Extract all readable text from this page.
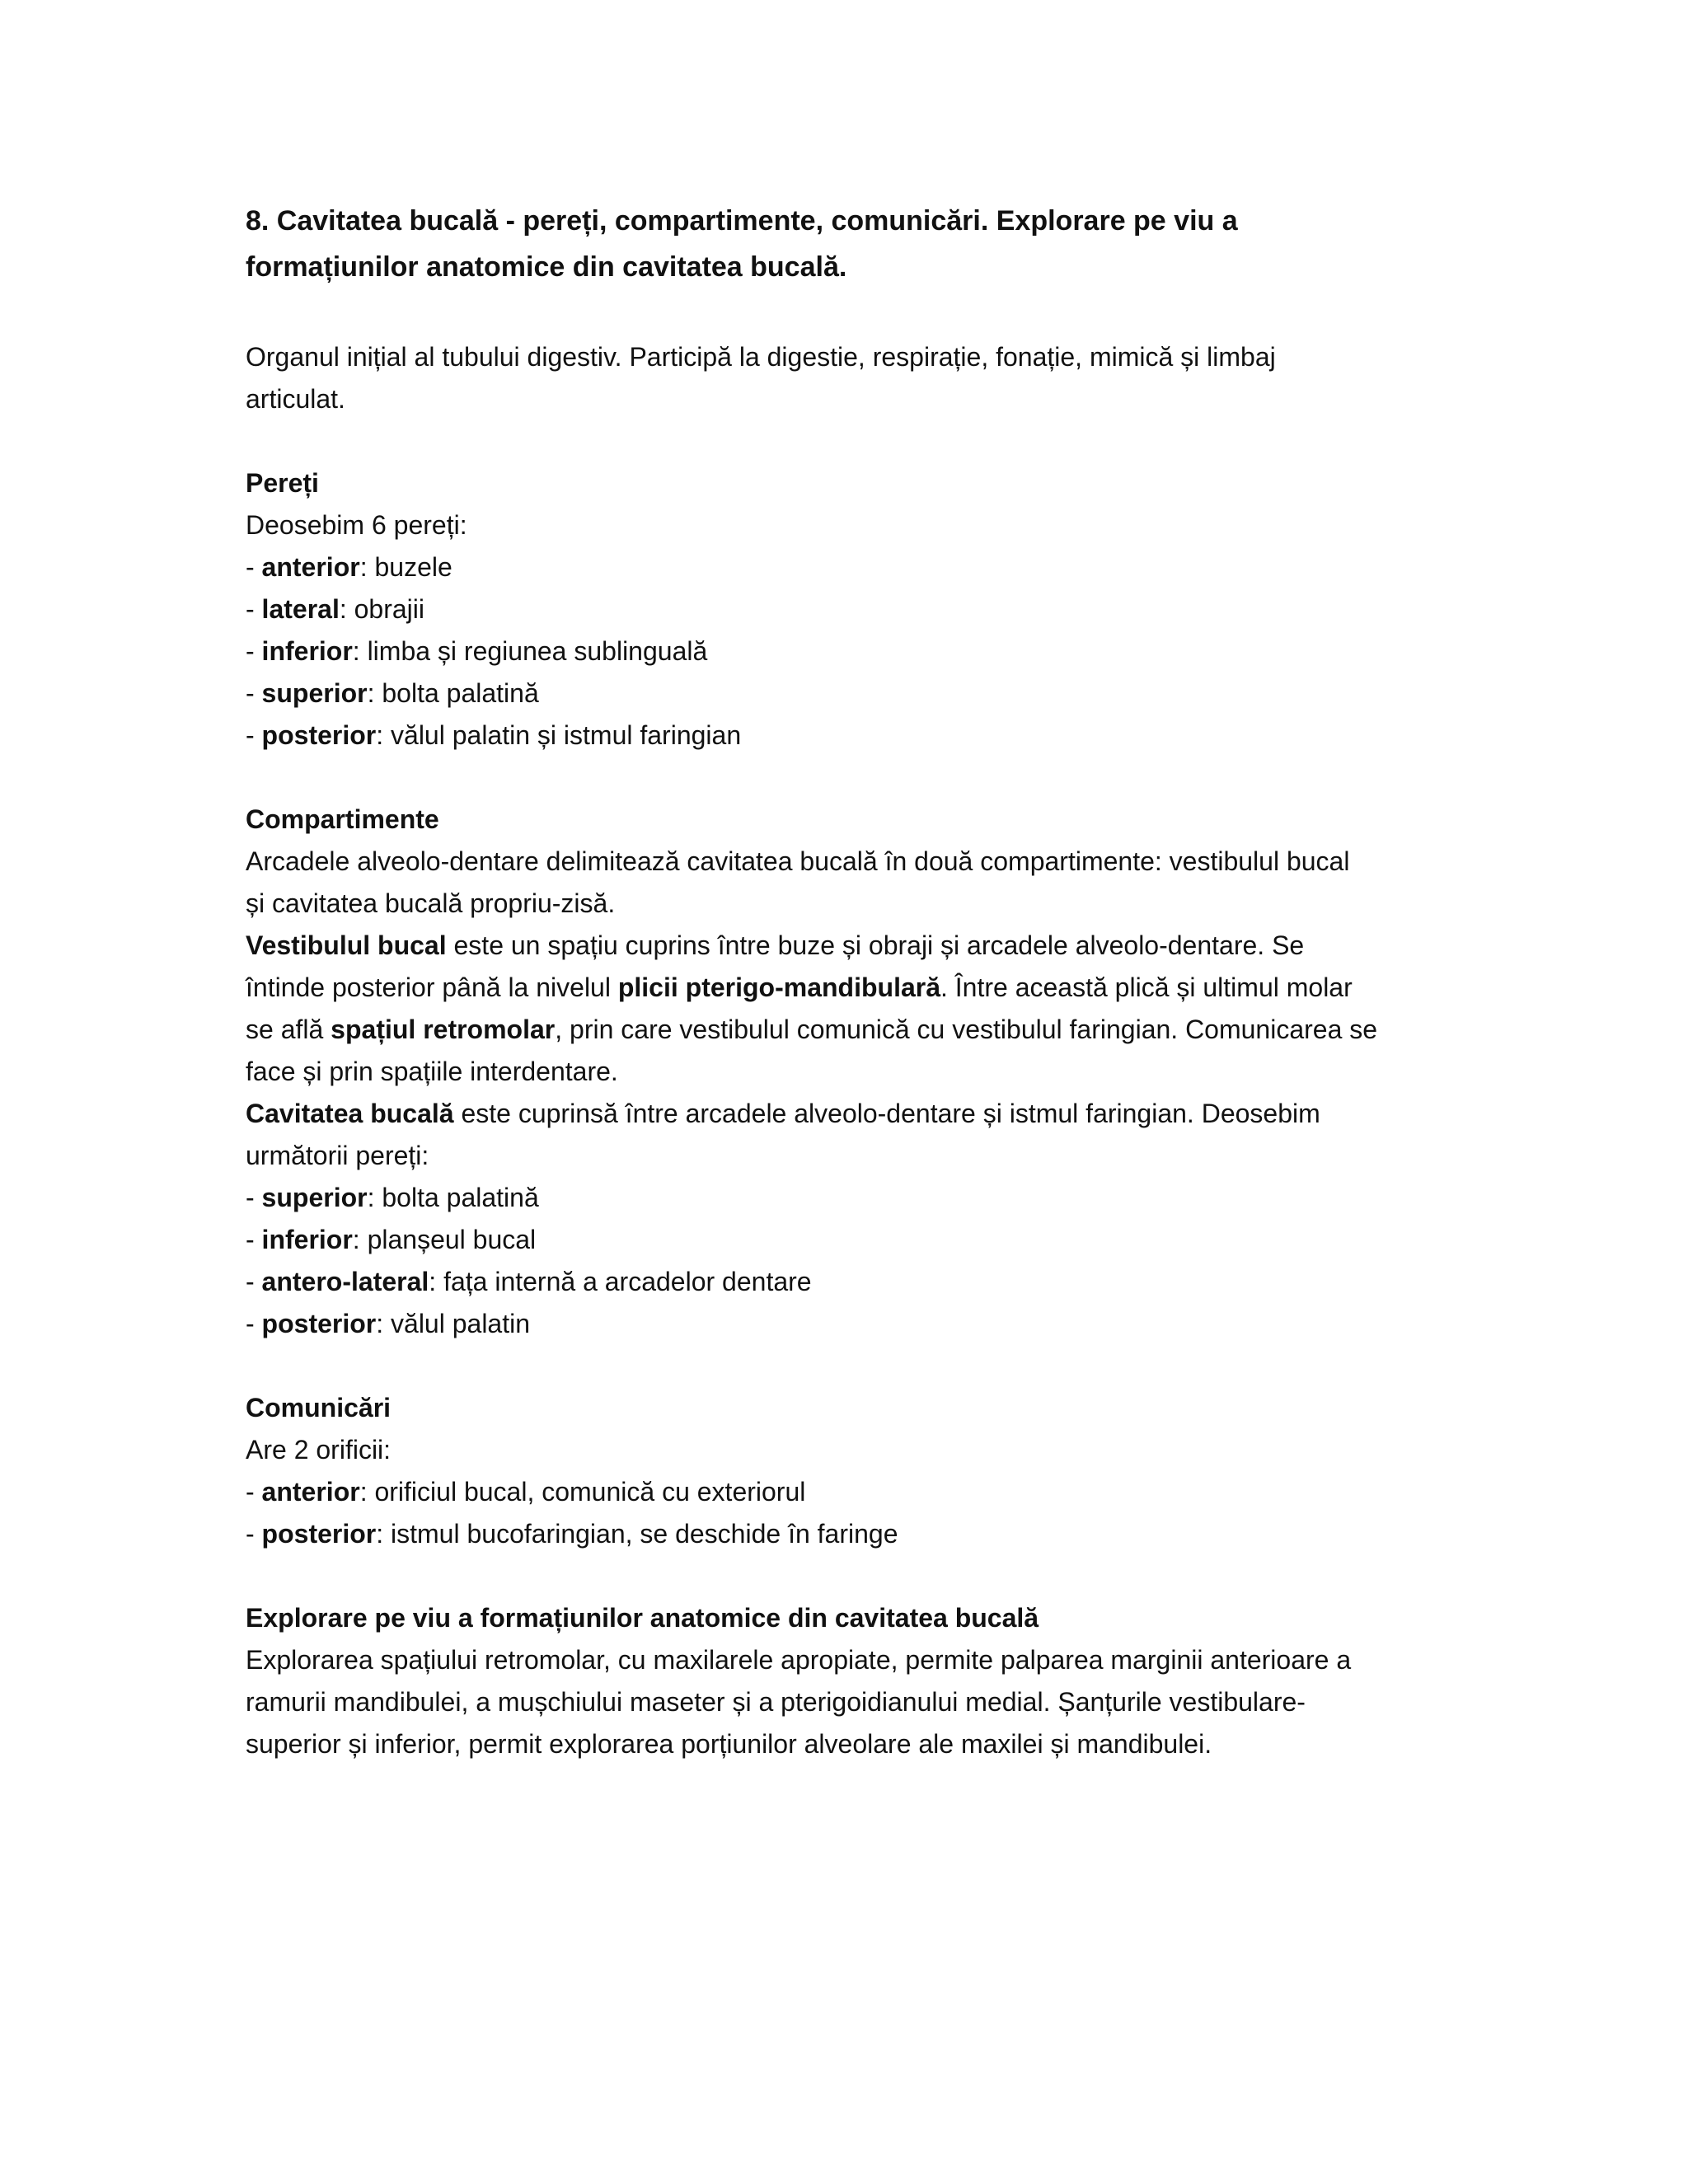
8. Cavitatea bucală - pereți, compartimente, comunicări. Explorare pe viu a

formațiunilor anatomice din cavitatea bucală.

Organul inițial al tubului digestiv. Participă la digestie, respirație, fonație, mimică și limbaj

articulat.

Pereți

Deosebim 6 pereți:

- anterior: buzele

- lateral: obrajii

- inferior: limba și regiunea sublinguală

- superior: bolta palatină

- posterior: vălul palatin și istmul faringian

Compartimente

Arcadele alveolo-dentare delimitează cavitatea bucală în două compartimente: vestibulul bucal

și cavitatea bucală propriu-zisă.

Vestibulul bucal este un spațiu cuprins între buze și obraji și arcadele alveolo-dentare. Se

întinde posterior până la nivelul plicii pterigo-mandibulară. Între această plică și ultimul molar

se află spațiul retromolar, prin care vestibulul comunică cu vestibulul faringian. Comunicarea se

face și prin spațiile interdentare.

Cavitatea bucală este cuprinsă între arcadele alveolo-dentare și istmul faringian. Deosebim

următorii pereți:

- superior: bolta palatină

- inferior: planșeul bucal

- antero-lateral: fața internă a arcadelor dentare

- posterior: vălul palatin

Comunicări

Are 2 orificii:

- anterior: orificiul bucal, comunică cu exteriorul

- posterior: istmul bucofaringian, se deschide în faringe

Explorare pe viu a formațiunilor anatomice din cavitatea bucală

Explorarea spațiului retromolar, cu maxilarele apropiate, permite palparea marginii anterioare a

ramurii mandibulei, a mușchiului maseter și a pterigoidianului medial. Șanțurile vestibulare-

superior și inferior, permit explorarea porțiunilor alveolare ale maxilei și mandibulei.
